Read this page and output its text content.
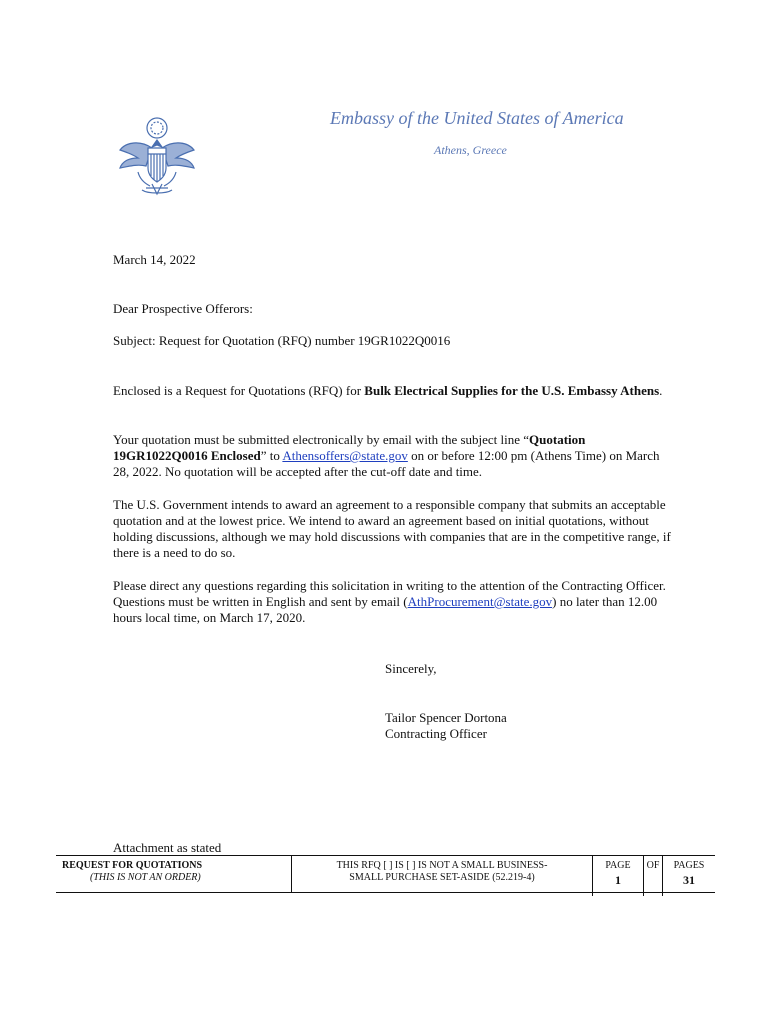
Embassy of the United States of America
Athens, Greece
March 14, 2022
Dear Prospective Offerors:
Subject: Request for Quotation (RFQ) number 19GR1022Q0016
Enclosed is a Request for Quotations (RFQ) for Bulk Electrical Supplies for the U.S. Embassy Athens.
Your quotation must be submitted electronically by email with the subject line “Quotation 19GR1022Q0016 Enclosed” to Athensoffers@state.gov on or before 12:00 pm (Athens Time) on March 28, 2022. No quotation will be accepted after the cut-off date and time.
The U.S. Government intends to award an agreement to a responsible company that submits an acceptable quotation and at the lowest price. We intend to award an agreement based on initial quotations, without holding discussions, although we may hold discussions with companies that are in the competitive range, if there is a need to do so.
Please direct any questions regarding this solicitation in writing to the attention of the Contracting Officer. Questions must be written in English and sent by email (AthProcurement@state.gov) no later than 12.00 hours local time, on March 17, 2020.
Sincerely,
Tailor Spencer Dortona
Contracting Officer
Attachment as stated
REQUEST FOR QUOTATIONS
(THIS IS NOT AN ORDER)
THIS RFQ [ ] IS [ ] IS NOT A SMALL BUSINESS-
SMALL PURCHASE SET-ASIDE (52.219-4)
PAGE
1
OF	PAGES
31
